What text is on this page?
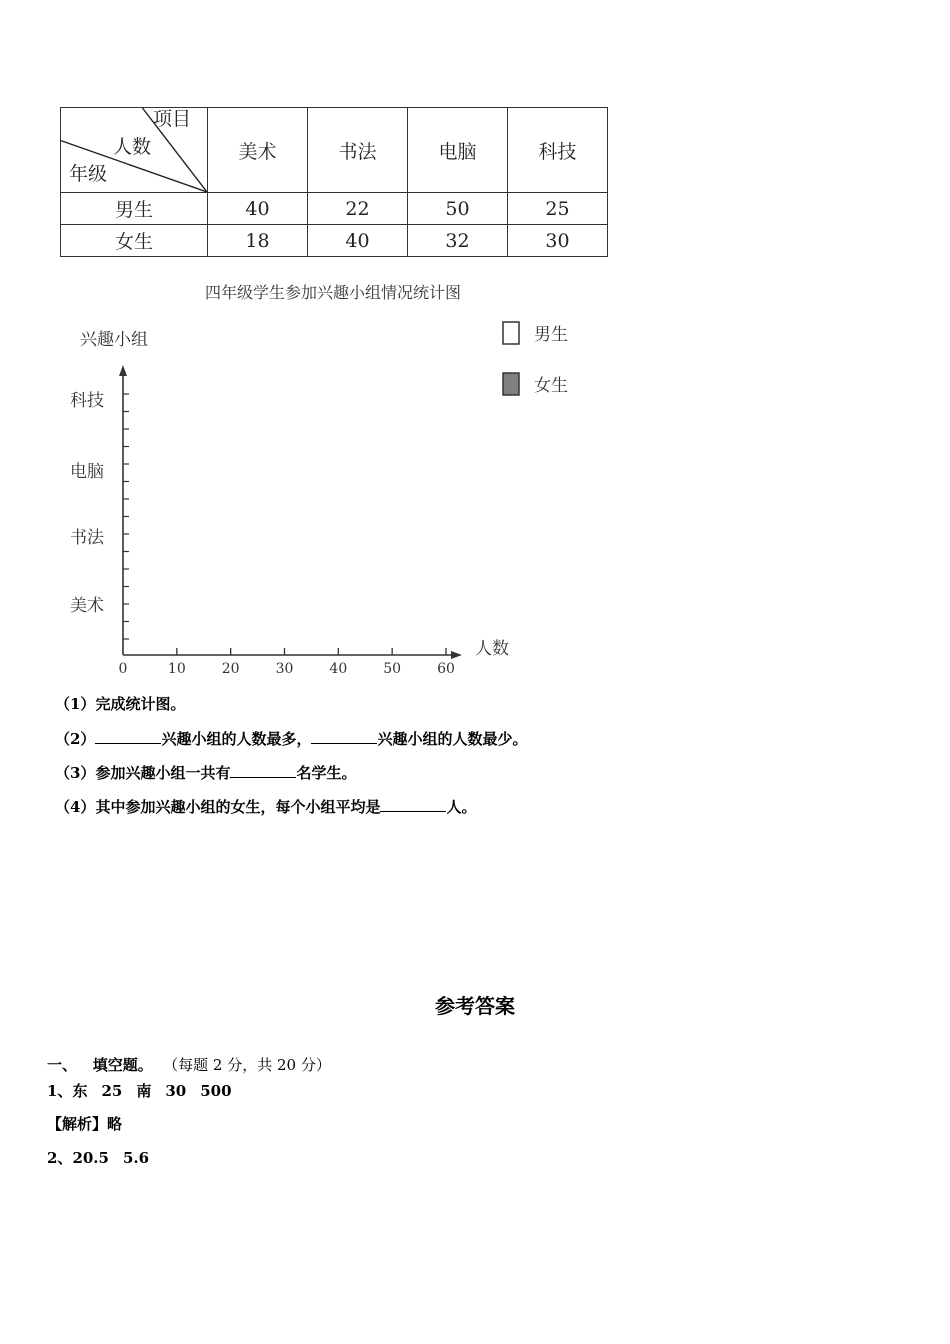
项目
人数
年级	美术	书法	电脑	科技
男生	40	22	50	25
女生	18	40	32	30
四年级学生参加兴趣小组情况统计图
兴趣小组
人数
男生
女生
0	10	20	30	40	50	60
科技
电脑
书法
美术
（1）完成统计图。
（2）	兴趣小组的人数最多，	兴趣小组的人数最少。
（3）参加兴趣小组一共有	名学生。
（4）其中参加兴趣小组的女生，每个小组平均是	人。
参考答案
一、 填空题。 （每题 2 分，共 20 分）
1、东 25 南 30 500
【解析】略
2、20.5 5.6
